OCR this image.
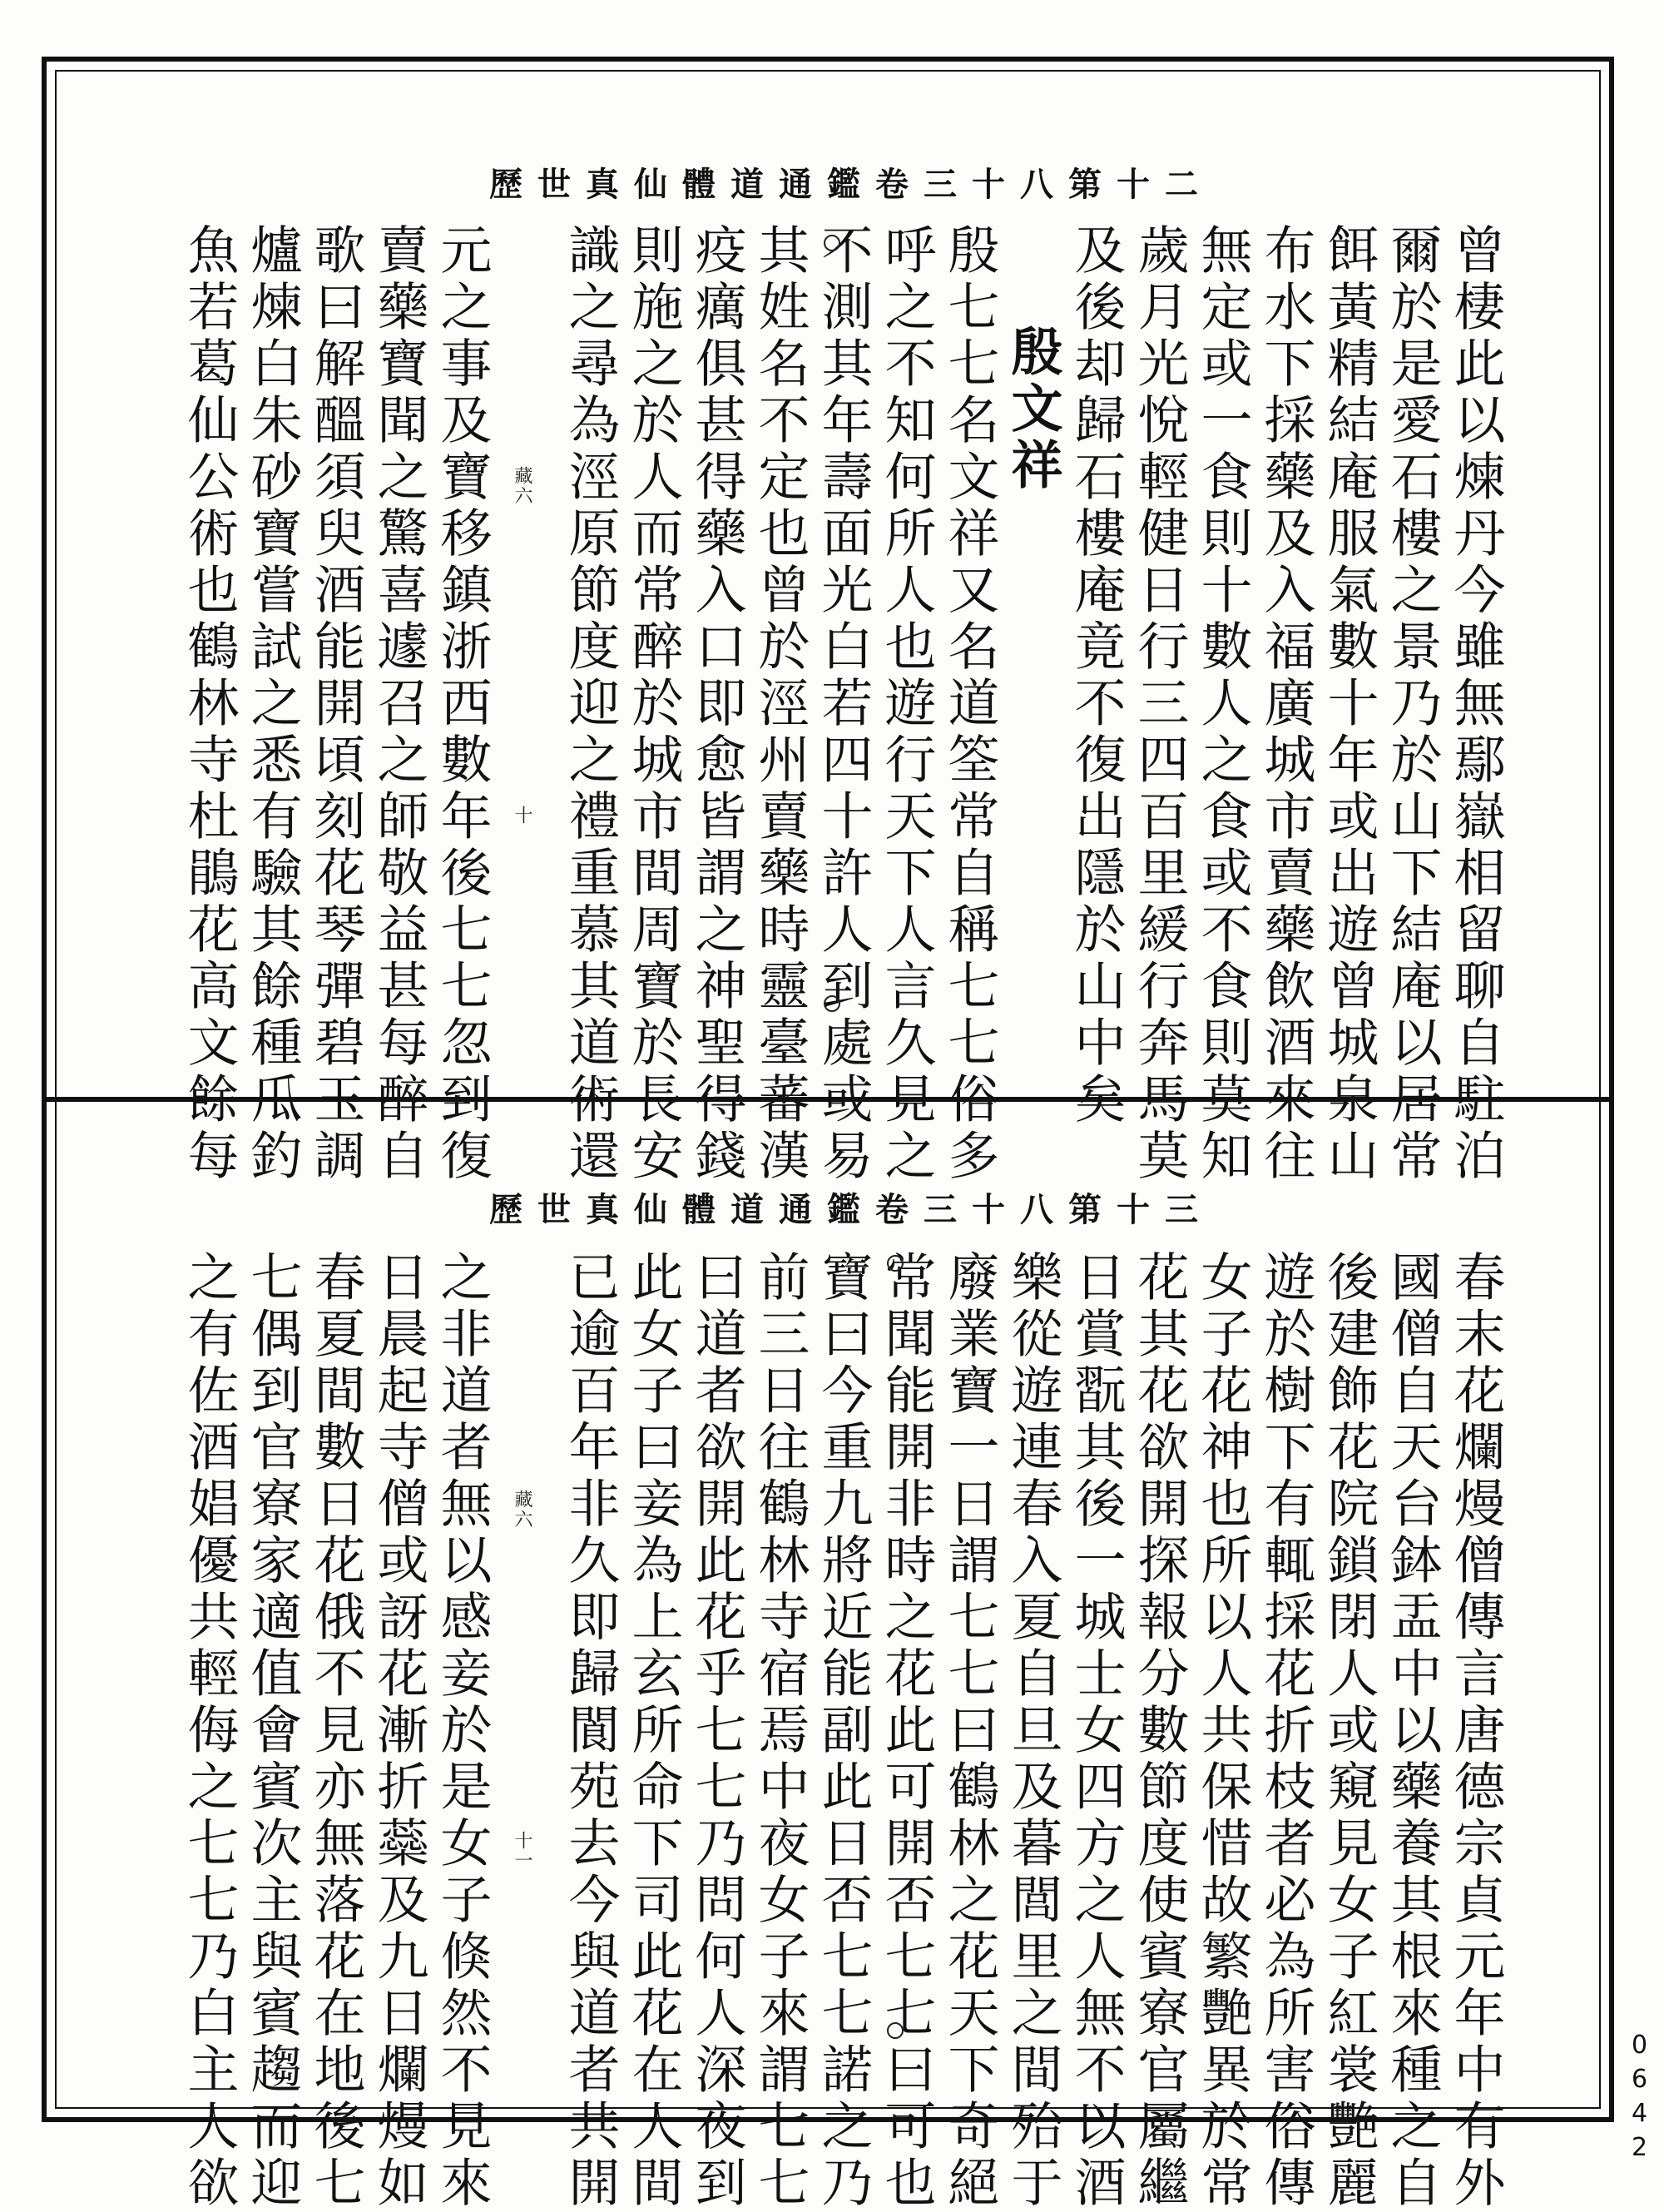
歷世真仙體道通鑑卷三十八第十二
曾棲此以煉丹今雖無鄢嶽相留聊自駐泊
爾於是愛石樓之景乃於山下結庵以居常
餌黃精結庵服氣數十年或出遊曾城泉山
布水下採藥及入福廣城市賣藥飲酒來往
無定或一食則十數人之食或不食則莫知
歲月光悅輕健日行三四百里緩行奔馬莫
及後却歸石樓庵竟不復出隱於山中矣
殷文祥
殷七七名文祥又名道筌常自稱七七俗多
呼之不知何所人也遊行天下人言久見之
不測其年壽面光白若四十許人到處或易
其姓名不定也曾於涇州賣藥時靈臺蕃漢
疫癘俱甚得藥入口即愈皆謂之神聖得錢
則施之於人而常醉於城市間周寶於長安
識之尋為涇原節度迎之禮重慕其道術還
元之事及寶移鎮浙西數年後七七忽到復
賣藥寶聞之驚喜遽召之師敬益甚每醉自
歌曰解醞須臾酒能開頃刻花琴彈碧玉調
爐煉白朱砂寶嘗試之悉有驗其餘種瓜釣
魚若葛仙公術也鶴林寺杜鵑花高文餘每	藏六
十
歷世真仙體道通鑑卷三十八第十三
春末花爛熳僧傳言唐德宗貞元年中有外
國僧自天台鉢盂中以藥養其根來種之自
後建飾花院鎖閉人或窺見女子紅裳艷麗
遊於樹下有輒採花折枝者必為所害俗傳
女子花神也所以人共保惜故繁艷異於常
花其花欲開探報分數節度使賓寮官屬繼
日賞翫其後一城士女四方之人無不以酒
樂從遊連春入夏自旦及暮閭里之間殆于
廢業寶一日謂七七曰鶴林之花天下奇絕
常聞能開非時之花此可開否七七曰可也
寶曰今重九將近能副此日否七七諾之乃
前三日往鶴林寺宿焉中夜女子來謂七七
曰道者欲開此花乎七七乃問何人深夜到
此女子曰妾為上玄所命下司此花在人間
已逾百年非久即歸閬苑去今與道者共開
之非道者無以感妾於是女子倏然不見來
日晨起寺僧或訝花漸折蘂及九日爛熳如
春夏間數日花俄不見亦無落花在地後七
七偶到官寮家適值會賓次主與賓趨而迎
之有佐酒娼優共輕侮之七七乃白主人欲	藏六
十一
0642
